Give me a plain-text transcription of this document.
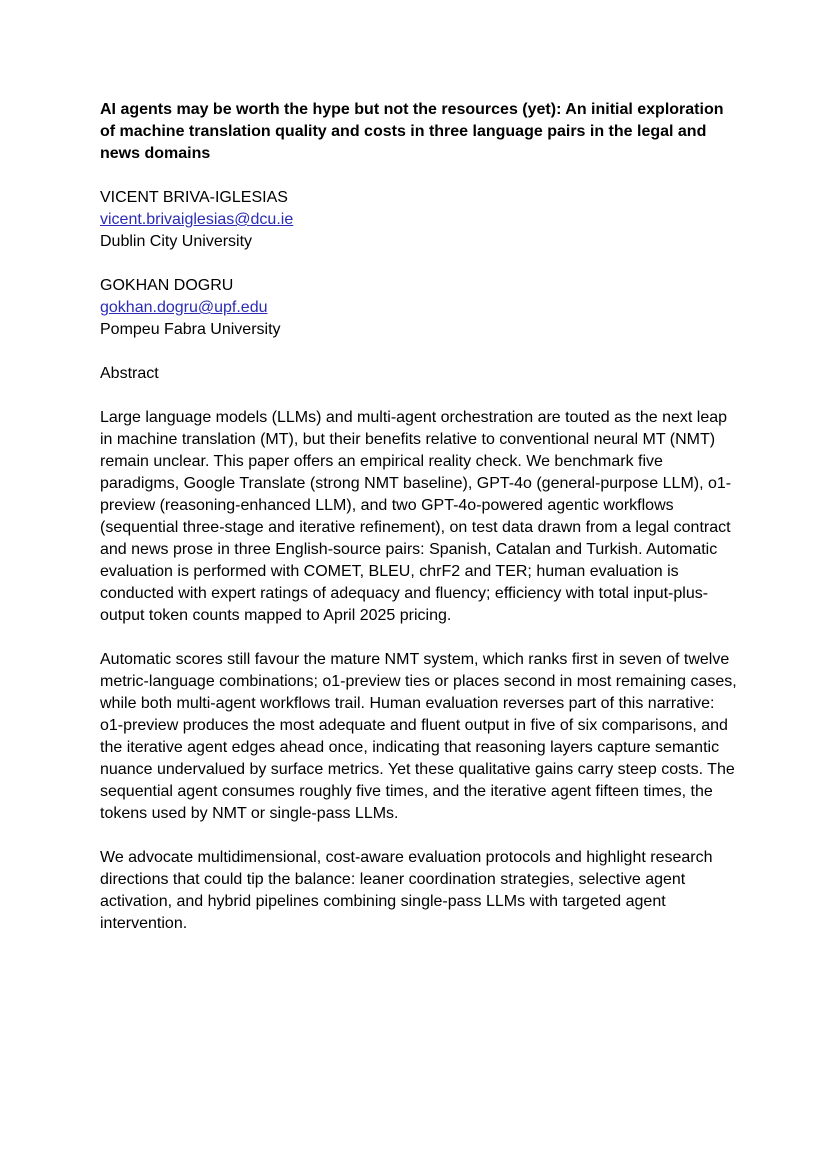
AI agents may be worth the hype but not the resources (yet): An initial exploration of machine translation quality and costs in three language pairs in the legal and news domains
VICENT BRIVA-IGLESIAS
vicent.brivaiglesias@dcu.ie
Dublin City University
GOKHAN DOGRU
gokhan.dogru@upf.edu
Pompeu Fabra University
Abstract

Large language models (LLMs) and multi-agent orchestration are touted as the next leap in machine translation (MT), but their benefits relative to conventional neural MT (NMT) remain unclear. This paper offers an empirical reality check. We benchmark five paradigms, Google Translate (strong NMT baseline), GPT-4o (general-purpose LLM), o1-preview (reasoning-enhanced LLM), and two GPT-4o-powered agentic workflows (sequential three-stage and iterative refinement), on test data drawn from a legal contract and news prose in three English-source pairs: Spanish, Catalan and Turkish. Automatic evaluation is performed with COMET, BLEU, chrF2 and TER; human evaluation is conducted with expert ratings of adequacy and fluency; efficiency with total input-plus-output token counts mapped to April 2025 pricing.

Automatic scores still favour the mature NMT system, which ranks first in seven of twelve metric-language combinations; o1-preview ties or places second in most remaining cases, while both multi-agent workflows trail. Human evaluation reverses part of this narrative: o1-preview produces the most adequate and fluent output in five of six comparisons, and the iterative agent edges ahead once, indicating that reasoning layers capture semantic nuance undervalued by surface metrics. Yet these qualitative gains carry steep costs. The sequential agent consumes roughly five times, and the iterative agent fifteen times, the tokens used by NMT or single-pass LLMs.

We advocate multidimensional, cost-aware evaluation protocols and highlight research directions that could tip the balance: leaner coordination strategies, selective agent activation, and hybrid pipelines combining single-pass LLMs with targeted agent intervention.
